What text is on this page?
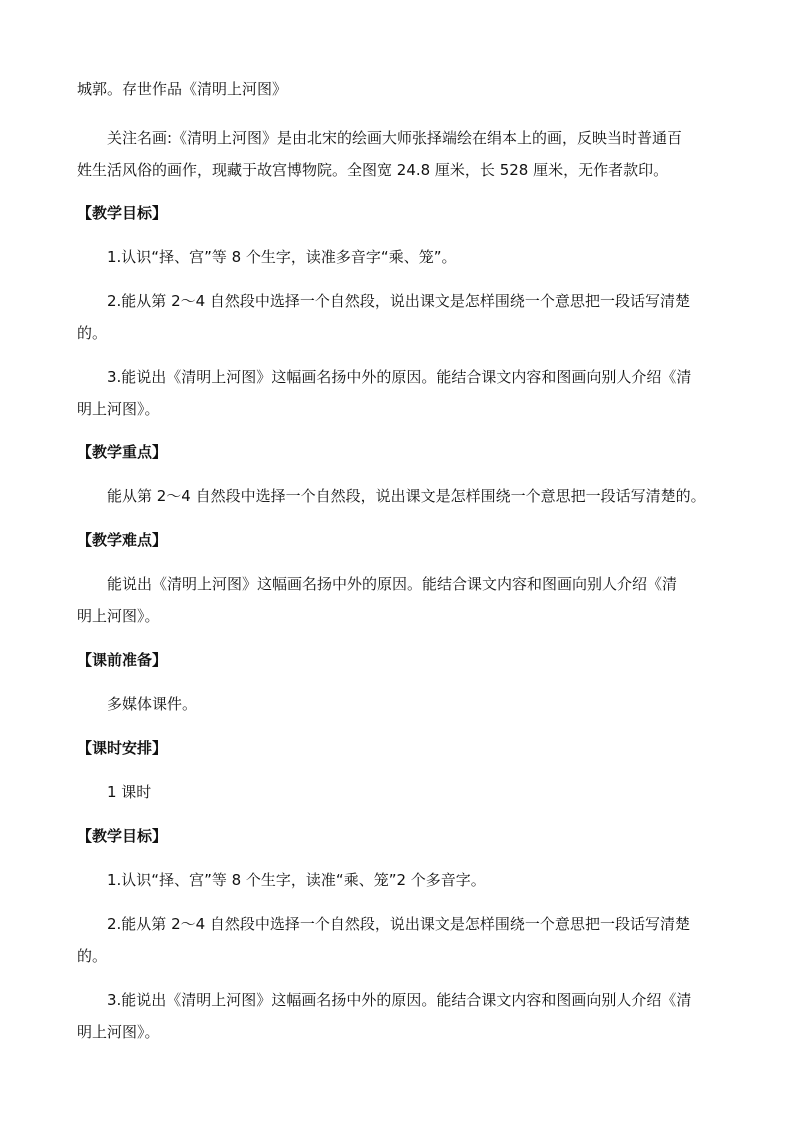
城郭。存世作品《清明上河图》
关注名画:《清明上河图》是由北宋的绘画大师张择端绘在绢本上的画，反映当时普通百
姓生活风俗的画作，现藏于故宫博物院。全图宽 24.8 厘米，长 528 厘米，无作者款印。
【教学目标】
1.认识“择、宫”等 8 个生字，读准多音字“乘、笼”。
2.能从第 2～4 自然段中选择一个自然段，说出课文是怎样围绕一个意思把一段话写清楚
的。
3.能说出《清明上河图》这幅画名扬中外的原因。能结合课文内容和图画向别人介绍《清
明上河图》。
【教学重点】
能从第 2～4 自然段中选择一个自然段，说出课文是怎样围绕一个意思把一段话写清楚的。
【教学难点】
能说出《清明上河图》这幅画名扬中外的原因。能结合课文内容和图画向别人介绍《清
明上河图》。
【课前准备】
多媒体课件。
【课时安排】
1 课时
【教学目标】
1.认识“择、宫”等 8 个生字，读准“乘、笼”2 个多音字。
2.能从第 2～4 自然段中选择一个自然段，说出课文是怎样围绕一个意思把一段话写清楚
的。
3.能说出《清明上河图》这幅画名扬中外的原因。能结合课文内容和图画向别人介绍《清
明上河图》。
